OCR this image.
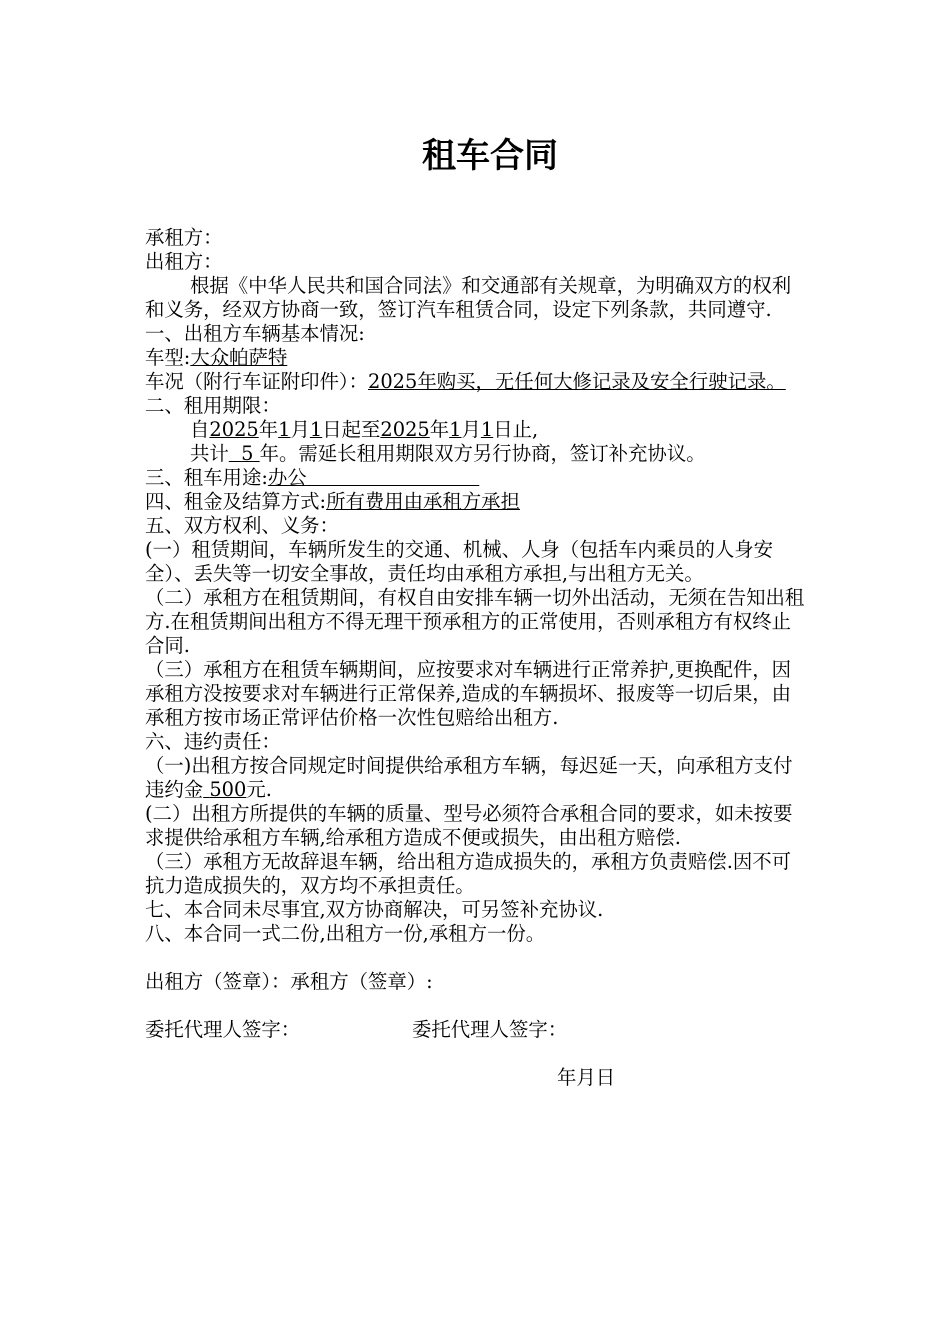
租车合同

承租方：

出租方：

根据《中华人民共和国合同法》和交通部有关规章，为明确双方的权利和义务，经双方协商一致，签订汽车租赁合同，设定下列条款，共同遵守.

一、出租方车辆基本情况:

车型:大众帕萨特

车况（附行车证附印件）：2025年购买，无任何大修记录及安全行驶记录。

二、租用期限：

自2025年1月1日起至2025年1月1日止,

共计 5 年。需延长租用期限双方另行协商，签订补充协议。

三、租车用途:办公

四、租金及结算方式:所有费用由承租方承担

五、双方权利、义务：

(一）租赁期间，车辆所发生的交通、机械、人身（包括车内乘员的人身安全）、丢失等一切安全事故，责任均由承租方承担,与出租方无关。

（二）承租方在租赁期间，有权自由安排车辆一切外出活动，无须在告知出租方.在租赁期间出租方不得无理干预承租方的正常使用，否则承租方有权终止合同.

（三）承租方在租赁车辆期间，应按要求对车辆进行正常养护,更换配件，因承租方没按要求对车辆进行正常保养,造成的车辆损坏、报废等一切后果，由承租方按市场正常评估价格一次性包赔给出租方.

六、违约责任：

（一)出租方按合同规定时间提供给承租方车辆，每迟延一天，向承租方支付违约金 500元.

(二）出租方所提供的车辆的质量、型号必须符合承租合同的要求，如未按要求提供给承租方车辆,给承租方造成不便或损失，由出租方赔偿.

（三）承租方无故辞退车辆，给出租方造成损失的，承租方负责赔偿.因不可抗力造成损失的，双方均不承担责任。

七、本合同未尽事宜,双方协商解决，可另签补充协议.

八、本合同一式二份,出租方一份,承租方一份。

出租方（签章）：承租方（签章）:

委托代理人签字：	委托代理人签字：

年月日
